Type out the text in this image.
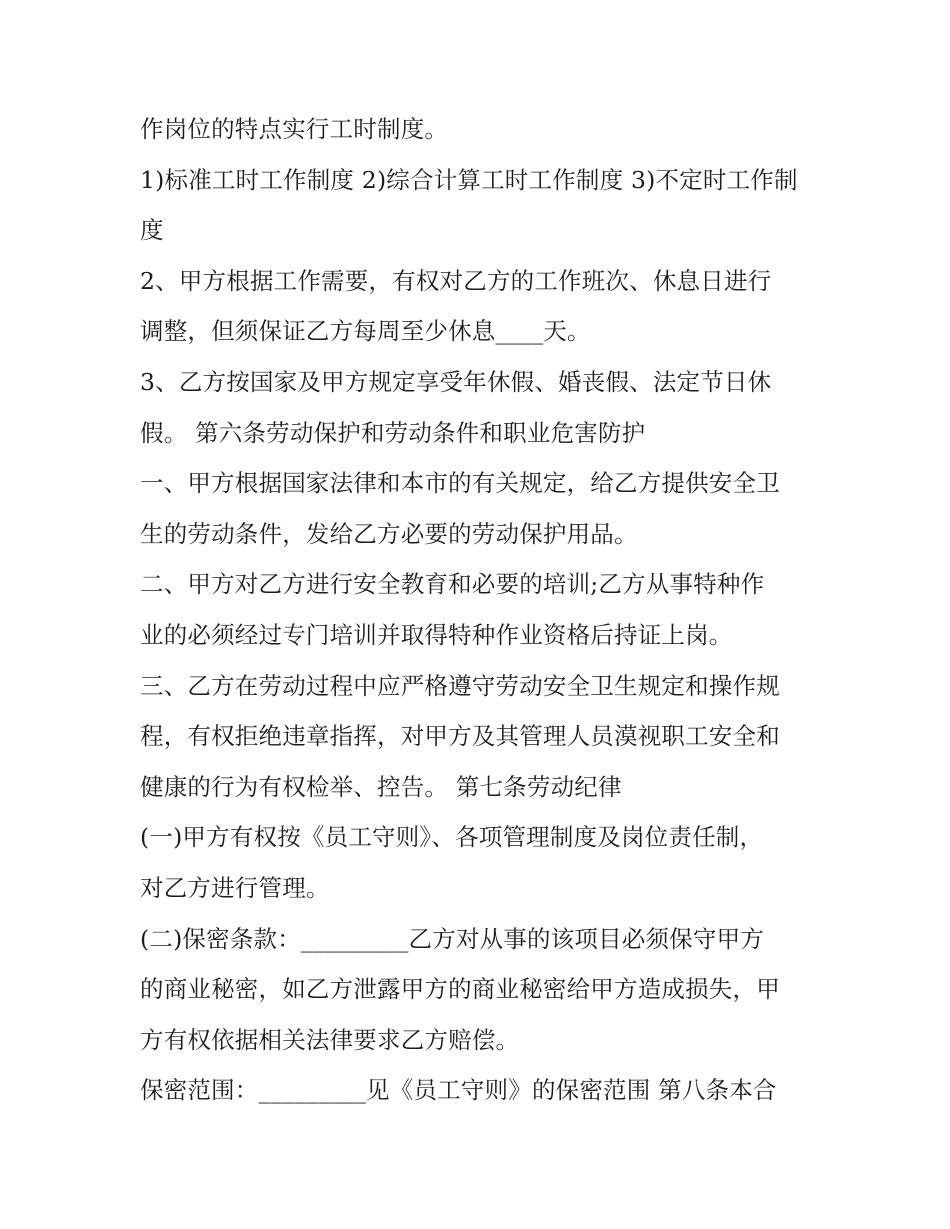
作岗位的特点实行工时制度。
1)标准工时工作制度 2)综合计算工时工作制度 3)不定时工作制
度
2、甲方根据工作需要，有权对乙方的工作班次、休息日进行
调整，但须保证乙方每周至少休息____天。
3、乙方按国家及甲方规定享受年休假、婚丧假、法定节日休
假。 第六条劳动保护和劳动条件和职业危害防护
一、甲方根据国家法律和本市的有关规定，给乙方提供安全卫
生的劳动条件，发给乙方必要的劳动保护用品。
二、甲方对乙方进行安全教育和必要的培训;乙方从事特种作
业的必须经过专门培训并取得特种作业资格后持证上岗。
三、乙方在劳动过程中应严格遵守劳动安全卫生规定和操作规
程，有权拒绝违章指挥，对甲方及其管理人员漠视职工安全和
健康的行为有权检举、控告。 第七条劳动纪律
(一)甲方有权按《员工守则》、各项管理制度及岗位责任制，
对乙方进行管理。
(二)保密条款：_________乙方对从事的该项目必须保守甲方
的商业秘密，如乙方泄露甲方的商业秘密给甲方造成损失，甲
方有权依据相关法律要求乙方赔偿。
保密范围：_________见《员工守则》的保密范围 第八条本合
